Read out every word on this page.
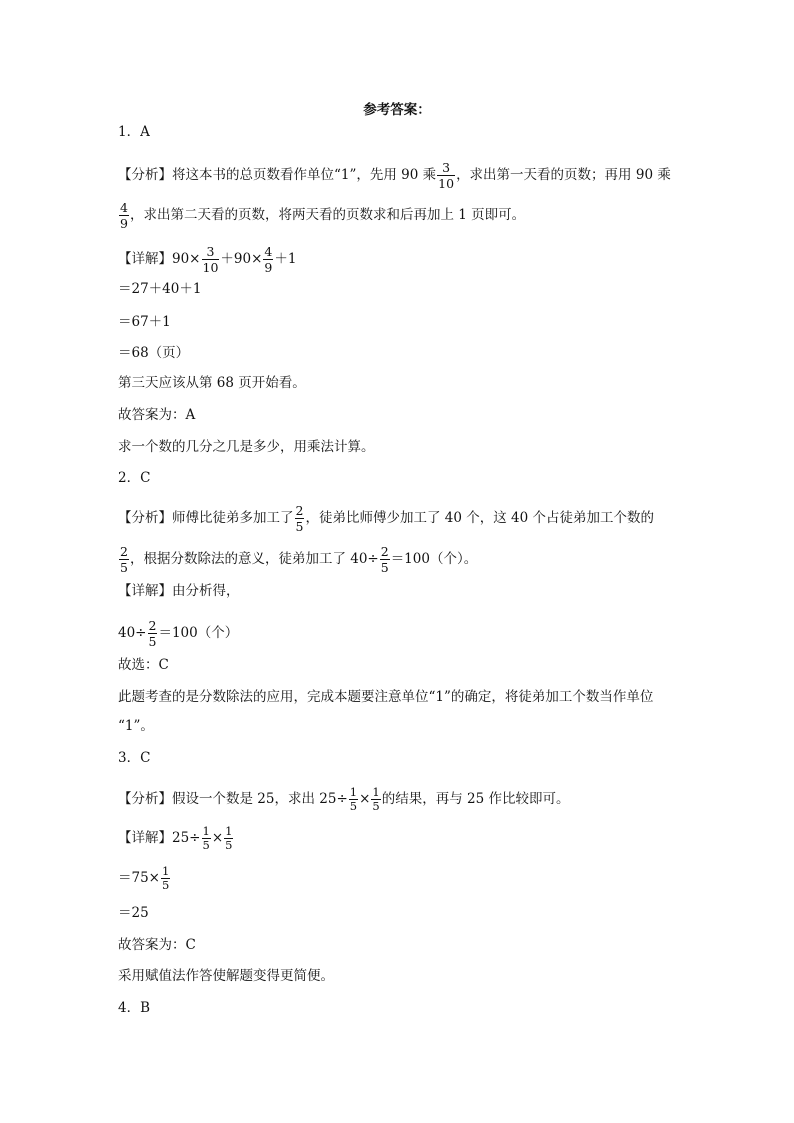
参考答案：
1．A
【分析】将这本书的总页数看作单位“1”，先用 90 乘 $\frac{3}{10}$ ，求出第一天看的页数；再用 90 乘
$\frac{4}{9}$ ，求出第二天看的页数，将两天看的页数求和后再加上 1 页即可。
【详解】$90\times \frac{3}{10} +90\times \frac{4}{9} +1$
＝27＋40＋1
＝67＋1
＝68（页）
第三天应该从第 68 页开始看。
故答案为：A
求一个数的几分之几是多少，用乘法计算。
2．C
【分析】师傅比徒弟多加工了 $\frac{2}{5}$ ，徒弟比师傅少加工了 40 个，这 40 个占徒弟加工个数的
$\frac{2}{5}$ ，根据分数除法的意义，徒弟加工了 $40\div \frac{2}{5} =100$（个）。
【详解】由分析得，
$40\div \frac{2}{5} =100$（个）
故选：C
此题考查的是分数除法的应用，完成本题要注意单位“1”的确定，将徒弟加工个数当作单位
“1”。
3．C
【分析】假设一个数是 25，求出 $25\div \frac{1}{5} \times \frac{1}{5}$ 的结果，再与 25 作比较即可。
【详解】$25\div \frac{1}{5} \times \frac{1}{5}$
$=75\times \frac{1}{5}$
＝25
故答案为：C
采用赋值法作答使解题变得更简便。
4．B
